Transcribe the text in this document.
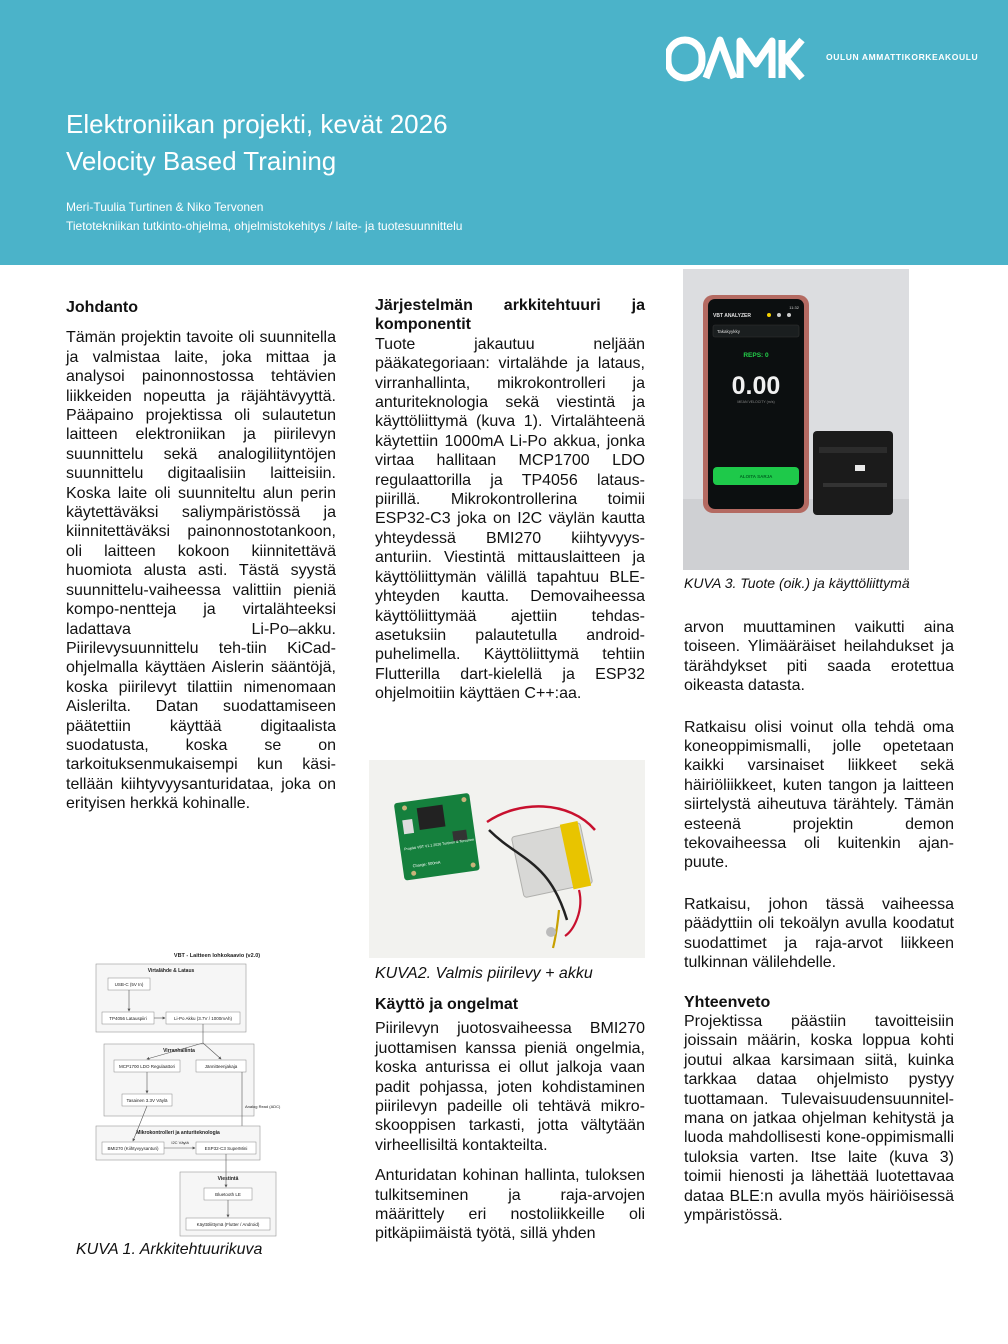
OULUN AMMATTIKORKEAKOULU
Elektroniikan projekti, kevät 2026
Velocity Based Training
Meri-Tuulia Turtinen & Niko Tervonen
Tietotekniikan tutkinto-ohjelma, ohjelmistokehitys / laite- ja tuotesuunnittelu
Johdanto

Tämän projektin tavoite oli suunnitella ja valmistaa laite, joka mittaa ja analysoi painonnostossa tehtävien liikkeiden nopeutta ja räjähtävyyttä. Pääpaino projektissa oli sulautetun laitteen elektroniikan ja piirilevyn suunnittelu sekä analogiliityntöjen suunnittelu digitaalisiin laitteisiin. Koska laite oli suunniteltu alun perin käytettäväksi saliympäristössä ja kiinnitettäväksi painonnostotankoon, oli laitteen kokoon kiinnitettävä huomiota alusta asti. Tästä syystä suunnittelu-vaiheessa valittiin pieniä kompo-nentteja ja virtalähteeksi ladattava Li-Po–akku. Piirilevysuunnittelu teh-tiin KiCad-ohjelmalla käyttäen Aislerin sääntöjä, koska piirilevyt tilattiin nimenomaan Aislerilta. Datan suodattamiseen päätettiin käyttää digitaalista suodatusta, koska se on tarkoituksenmukaisempi kun käsi-tellään kiihtyvyysanturidataa, joka on erityisen herkkä kohinalle.

VBT - Laitteen lohkokaavio (v2.0)
Virtalähde & Lataus
USB-C (5V In)
TP4056 Latauspiiri	Li-Po Akku (3.7V / 1000mAh)
Virranhallinta
MCP1700 LDO Regulaattori	Jännitteenjakaja
Tasainen 3.3V Väylä
Analog Read (ADC)
Mikrokontrolleri ja anturiteknologia
BMI270 (Kiihtyvyysanturi)	ESP32-C3 SuperMini
I2C Väylä
Viestintä
Bluetooth LE
Käyttöliittymä (Flutter / Android)
KUVA 1. Arkkitehtuurikuva
Järjestelmän arkkitehtuuri ja komponentit

Tuote jakautuu neljään pääkategoriaan: virtalähde ja lataus, virranhallinta, mikrokontrolleri ja anturiteknologia sekä viestintä ja käyttöliittymä (kuva 1). Virtalähteenä käytettiin 1000mA Li-Po akkua, jonka virtaa hallitaan MCP1700 LDO regulaattorilla ja TP4056 lataus-piirillä. Mikrokontrollerina toimii ESP32-C3 joka on I2C väylän kautta yhteydessä BMI270 kiihtyvyys-anturiin. Viestintä mittauslaitteen ja käyttöliittymän välillä tapahtuu BLE-yhteyden kautta. Demovaiheessa käyttöliittymää ajettiin tehdas-asetuksiin palautetulla android-puhelimella. Käyttöliittymä tehtiin Flutterilla dart-kielellä ja ESP32 ohjelmoitiin käyttäen C++:aa.

Projekti VBT V1.1 2026 Turtinen & Tervonen
Charge: 500mA
KUVA2. Valmis piirilevy + akku
Käyttö ja ongelmat

Piirilevyn juotosvaiheessa BMI270 juottamisen kanssa pieniä ongelmia, koska anturissa ei ollut jalkoja vaan padit pohjassa, joten kohdistaminen piirilevyn padeille oli tehtävä mikro-skooppisen tarkasti, jotta vältytään virheellisiltä kontakteilta.

Anturidatan kohinan hallinta, tuloksen tulkitseminen ja raja-arvojen määrittely eri nostoliikkeille oli pitkäpiimäistä työtä, sillä yhden

11:32
VBT ANALYZER
Takakyykky
REPS: 0
0.00
MEAN VELOCITY (m/s)
ALOITA SARJA
KUVA 3. Tuote (oik.) ja käyttöliittymä

arvon muuttaminen vaikutti aina toiseen. Ylimääräiset heilahdukset ja tärähdykset piti saada erotettua oikeasta datasta.

Ratkaisu olisi voinut olla tehdä oma koneoppimismalli, jolle opetetaan kaikki varsinaiset liikkeet sekä häiriöliikkeet, kuten tangon ja laitteen siirtelystä aiheutuva tärähtely. Tämän esteenä projektin demon tekovaiheessa oli kuitenkin ajan-puute.

Ratkaisu, johon tässä vaiheessa päädyttiin oli tekoälyn avulla koodatut suodattimet ja raja-arvot liikkeen tulkinnan välilehdelle.

Yhteenveto

Projektissa päästiin tavoitteisiin joissain määrin, koska loppua kohti joutui alkaa karsimaan siitä, kuinka tarkkaa dataa ohjelmisto pystyy tuottamaan. Tulevaisuudensuunnitel-mana on jatkaa ohjelman kehitystä ja luoda mahdollisesti kone-oppimismalli tuloksia varten. Itse laite (kuva 3) toimii hienosti ja lähettää luotettavaa dataa BLE:n avulla myös häiriöisessä ympäristössä.
